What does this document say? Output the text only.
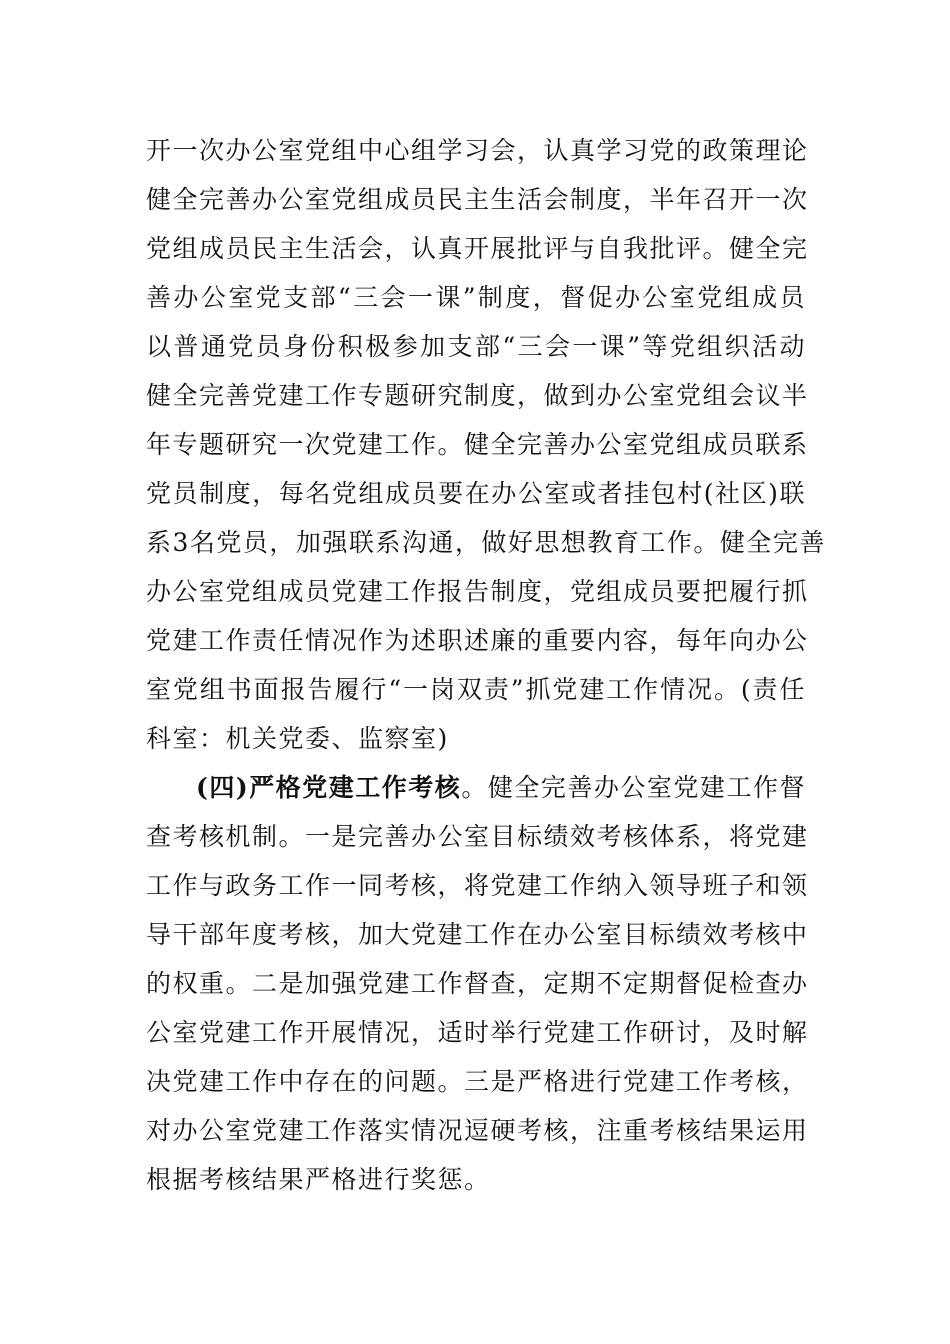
开一次办公室党组中心组学习会，认真学习党的政策理论
健全完善办公室党组成员民主生活会制度，半年召开一次
党组成员民主生活会，认真开展批评与自我批评。健全完
善办公室党支部“三会一课”制度，督促办公室党组成员
以普通党员身份积极参加支部“三会一课”等党组织活动
健全完善党建工作专题研究制度，做到办公室党组会议半
年专题研究一次党建工作。健全完善办公室党组成员联系
党员制度，每名党组成员要在办公室或者挂包村(社区)联
系3名党员，加强联系沟通，做好思想教育工作。健全完善
办公室党组成员党建工作报告制度，党组成员要把履行抓
党建工作责任情况作为述职述廉的重要内容，每年向办公
室党组书面报告履行“一岗双责”抓党建工作情况。(责任
科室：机关党委、监察室)
(四)严格党建工作考核。健全完善办公室党建工作督
查考核机制。一是完善办公室目标绩效考核体系，将党建
工作与政务工作一同考核，将党建工作纳入领导班子和领
导干部年度考核，加大党建工作在办公室目标绩效考核中
的权重。二是加强党建工作督查，定期不定期督促检查办
公室党建工作开展情况，适时举行党建工作研讨，及时解
决党建工作中存在的问题。三是严格进行党建工作考核，
对办公室党建工作落实情况逗硬考核，注重考核结果运用
根据考核结果严格进行奖惩。
